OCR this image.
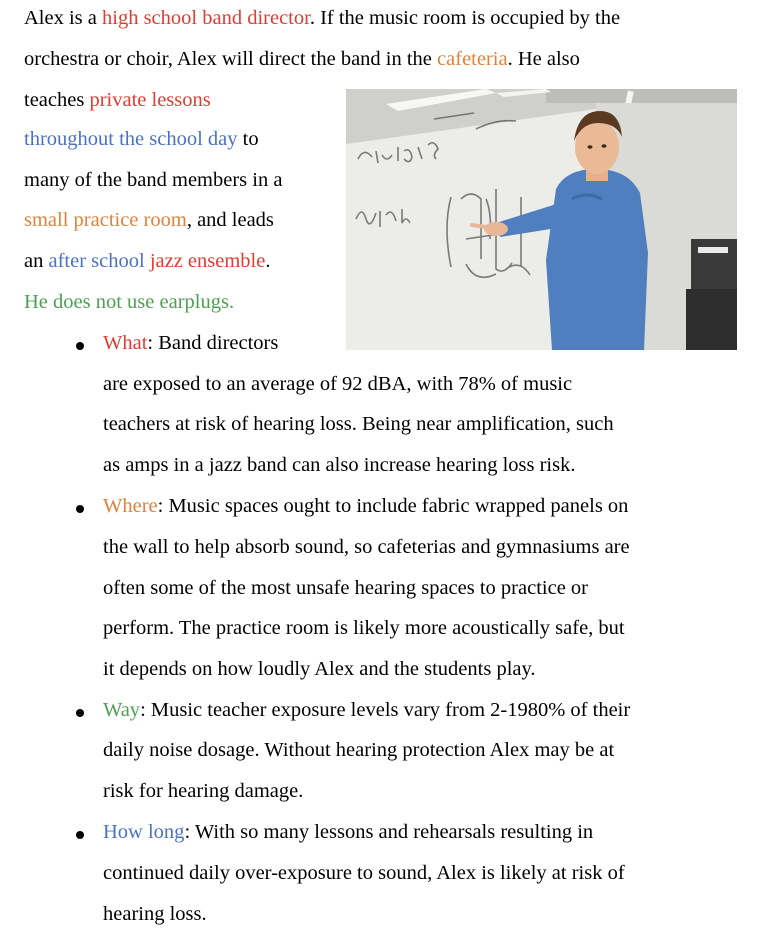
Alex is a high school band director. If the music room is occupied by the
orchestra or choir, Alex will direct the band in the cafeteria. He also
teaches private lessons
throughout the school day to
many of the band members in a
small practice room, and leads
an after school jazz ensemble.
He does not use earplugs.
What: Band directors
are exposed to an average of 92 dBA, with 78% of music
teachers at risk of hearing loss. Being near amplification, such
as amps in a jazz band can also increase hearing loss risk.
Where: Music spaces ought to include fabric wrapped panels on
the wall to help absorb sound, so cafeterias and gymnasiums are
often some of the most unsafe hearing spaces to practice or
perform. The practice room is likely more acoustically safe, but
it depends on how loudly Alex and the students play.
Way: Music teacher exposure levels vary from 2-1980% of their
daily noise dosage. Without hearing protection Alex may be at
risk for hearing damage.
How long: With so many lessons and rehearsals resulting in
continued daily over-exposure to sound, Alex is likely at risk of
hearing loss.
